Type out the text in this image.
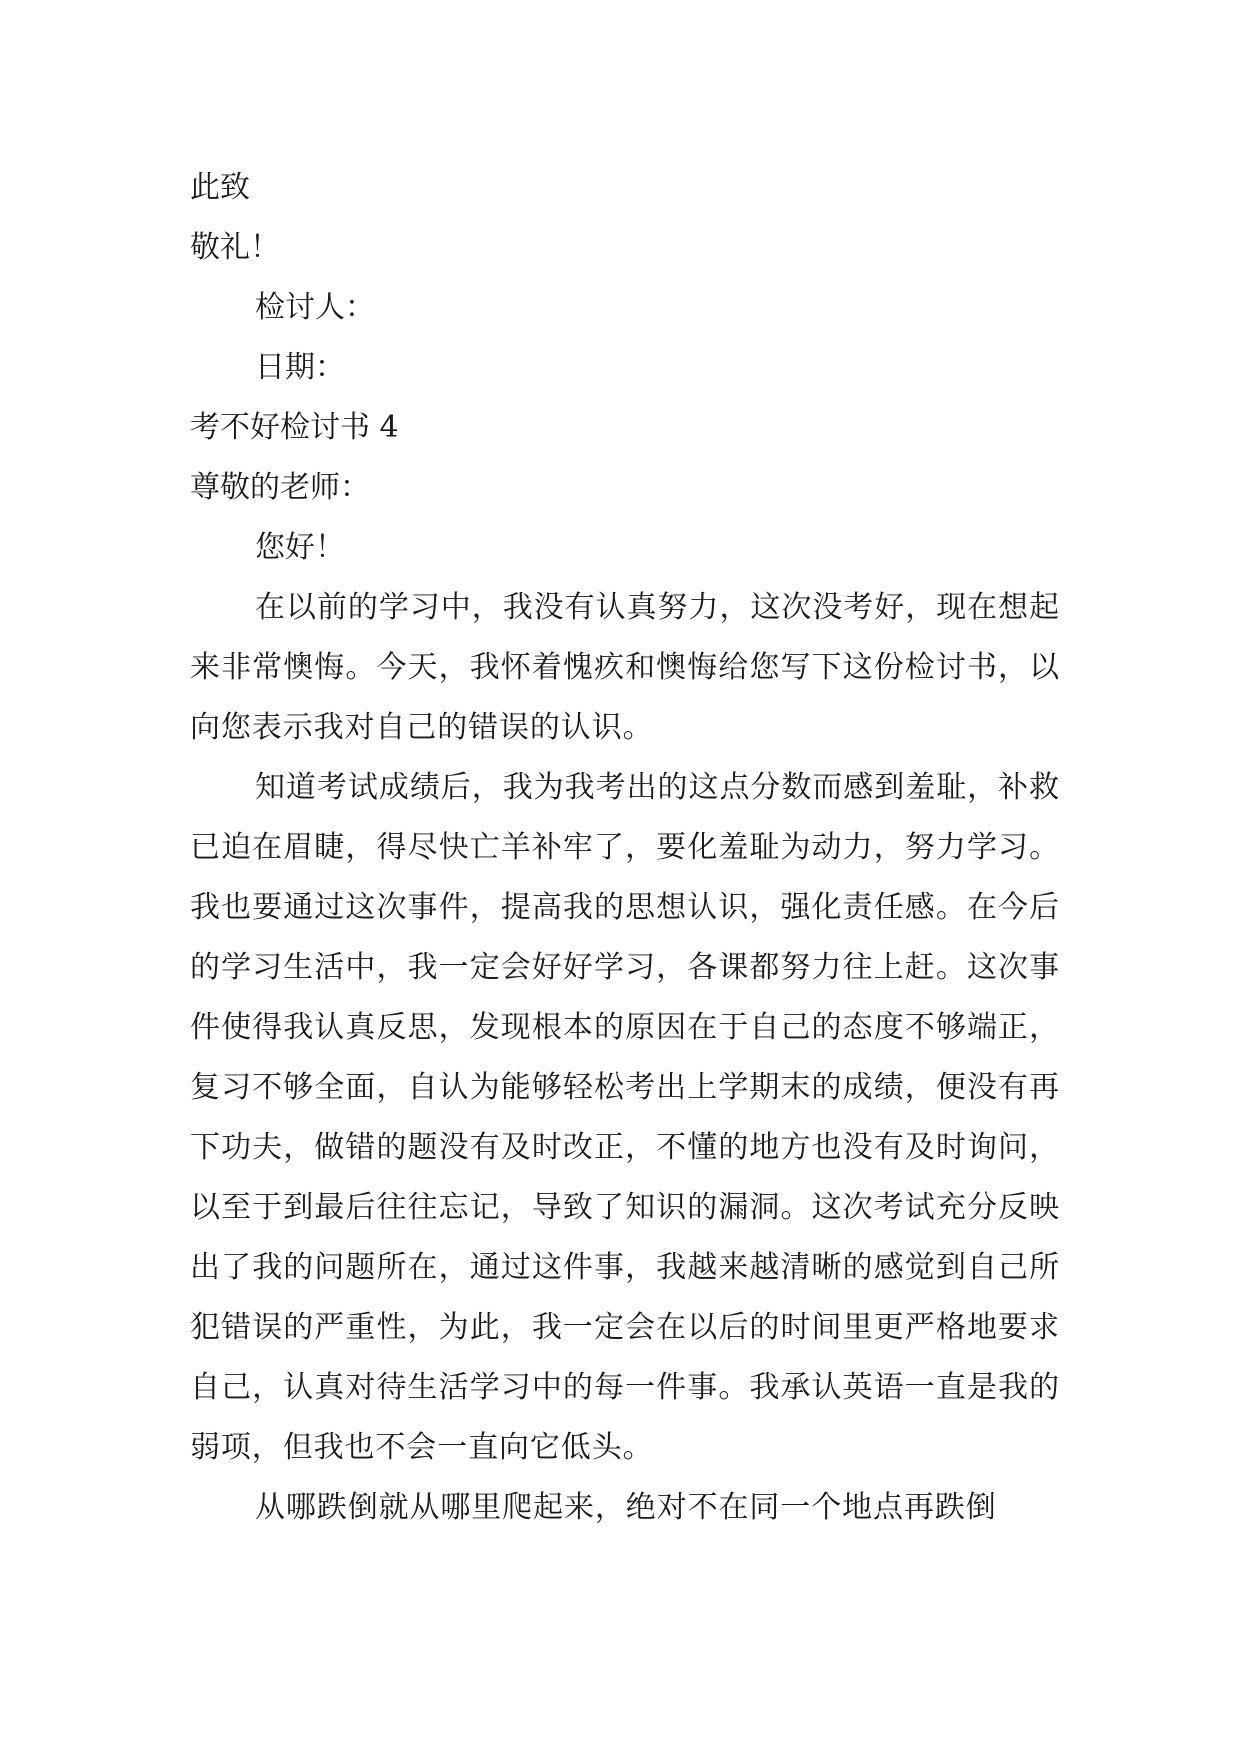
此致

敬礼！

检讨人：

日期：

考不好检讨书 4

尊敬的老师：

您好！

在以前的学习中，我没有认真努力，这次没考好，现在想起来非常懊悔。今天，我怀着愧疚和懊悔给您写下这份检讨书，以向您表示我对自己的错误的认识。

知道考试成绩后，我为我考出的这点分数而感到羞耻，补救已迫在眉睫，得尽快亡羊补牢了，要化羞耻为动力，努力学习。我也要通过这次事件，提高我的思想认识，强化责任感。在今后的学习生活中，我一定会好好学习，各课都努力往上赶。这次事件使得我认真反思，发现根本的原因在于自己的态度不够端正，复习不够全面，自认为能够轻松考出上学期末的成绩，便没有再下功夫，做错的题没有及时改正，不懂的地方也没有及时询问，以至于到最后往往忘记，导致了知识的漏洞。这次考试充分反映出了我的问题所在，通过这件事，我越来越清晰的感觉到自己所犯错误的严重性，为此，我一定会在以后的时间里更严格地要求自己，认真对待生活学习中的每一件事。我承认英语一直是我的弱项，但我也不会一直向它低头。

从哪跌倒就从哪里爬起来，绝对不在同一个地点再跌倒
